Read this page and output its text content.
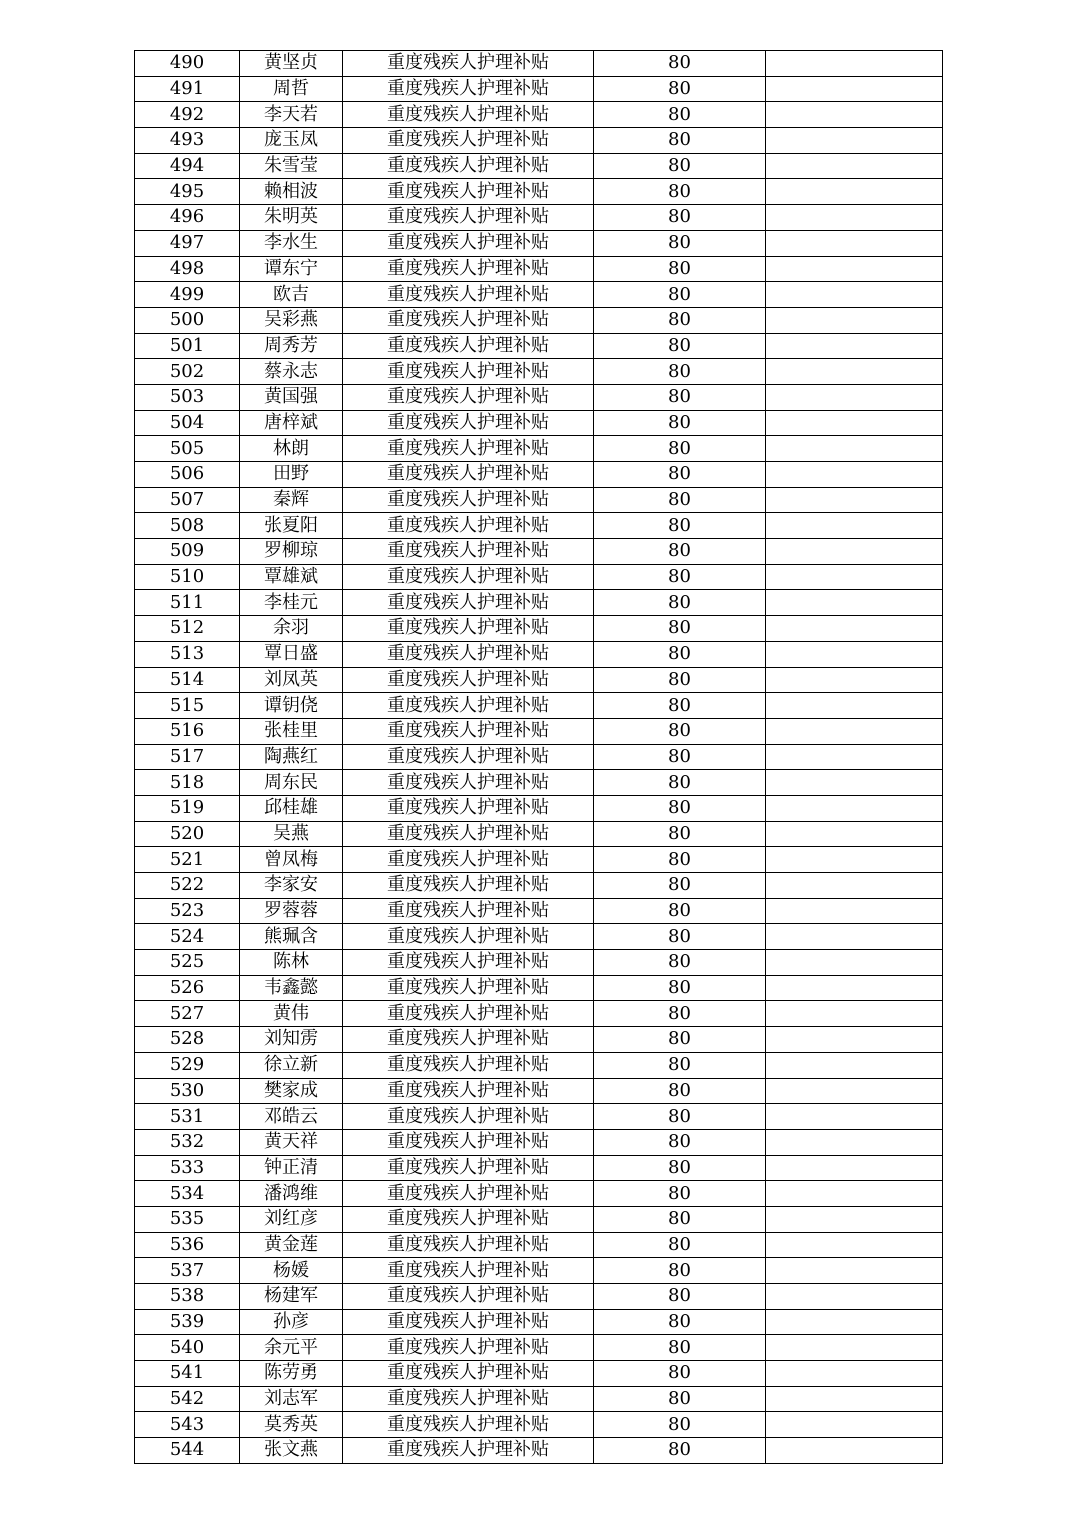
490	黄坚贞	重度残疾人护理补贴	80	
491	周哲	重度残疾人护理补贴	80	
492	李天若	重度残疾人护理补贴	80	
493	庞玉凤	重度残疾人护理补贴	80	
494	朱雪莹	重度残疾人护理补贴	80	
495	赖相波	重度残疾人护理补贴	80	
496	朱明英	重度残疾人护理补贴	80	
497	李水生	重度残疾人护理补贴	80	
498	谭东宁	重度残疾人护理补贴	80	
499	欧吉	重度残疾人护理补贴	80	
500	吴彩燕	重度残疾人护理补贴	80	
501	周秀芳	重度残疾人护理补贴	80	
502	蔡永志	重度残疾人护理补贴	80	
503	黄国强	重度残疾人护理补贴	80	
504	唐梓斌	重度残疾人护理补贴	80	
505	林朗	重度残疾人护理补贴	80	
506	田野	重度残疾人护理补贴	80	
507	秦辉	重度残疾人护理补贴	80	
508	张夏阳	重度残疾人护理补贴	80	
509	罗柳琼	重度残疾人护理补贴	80	
510	覃雄斌	重度残疾人护理补贴	80	
511	李桂元	重度残疾人护理补贴	80	
512	余羽	重度残疾人护理补贴	80	
513	覃日盛	重度残疾人护理补贴	80	
514	刘凤英	重度残疾人护理补贴	80	
515	谭钥侥	重度残疾人护理补贴	80	
516	张桂里	重度残疾人护理补贴	80	
517	陶燕红	重度残疾人护理补贴	80	
518	周东民	重度残疾人护理补贴	80	
519	邱桂雄	重度残疾人护理补贴	80	
520	吴燕	重度残疾人护理补贴	80	
521	曾凤梅	重度残疾人护理补贴	80	
522	李家安	重度残疾人护理补贴	80	
523	罗蓉蓉	重度残疾人护理补贴	80	
524	熊珮含	重度残疾人护理补贴	80	
525	陈林	重度残疾人护理补贴	80	
526	韦鑫懿	重度残疾人护理补贴	80	
527	黄伟	重度残疾人护理补贴	80	
528	刘知雳	重度残疾人护理补贴	80	
529	徐立新	重度残疾人护理补贴	80	
530	樊家成	重度残疾人护理补贴	80	
531	邓皓云	重度残疾人护理补贴	80	
532	黄天祥	重度残疾人护理补贴	80	
533	钟正清	重度残疾人护理补贴	80	
534	潘鸿维	重度残疾人护理补贴	80	
535	刘红彦	重度残疾人护理补贴	80	
536	黄金莲	重度残疾人护理补贴	80	
537	杨媛	重度残疾人护理补贴	80	
538	杨建军	重度残疾人护理补贴	80	
539	孙彦	重度残疾人护理补贴	80	
540	余元平	重度残疾人护理补贴	80	
541	陈劳勇	重度残疾人护理补贴	80	
542	刘志军	重度残疾人护理补贴	80	
543	莫秀英	重度残疾人护理补贴	80	
544	张文燕	重度残疾人护理补贴	80	
